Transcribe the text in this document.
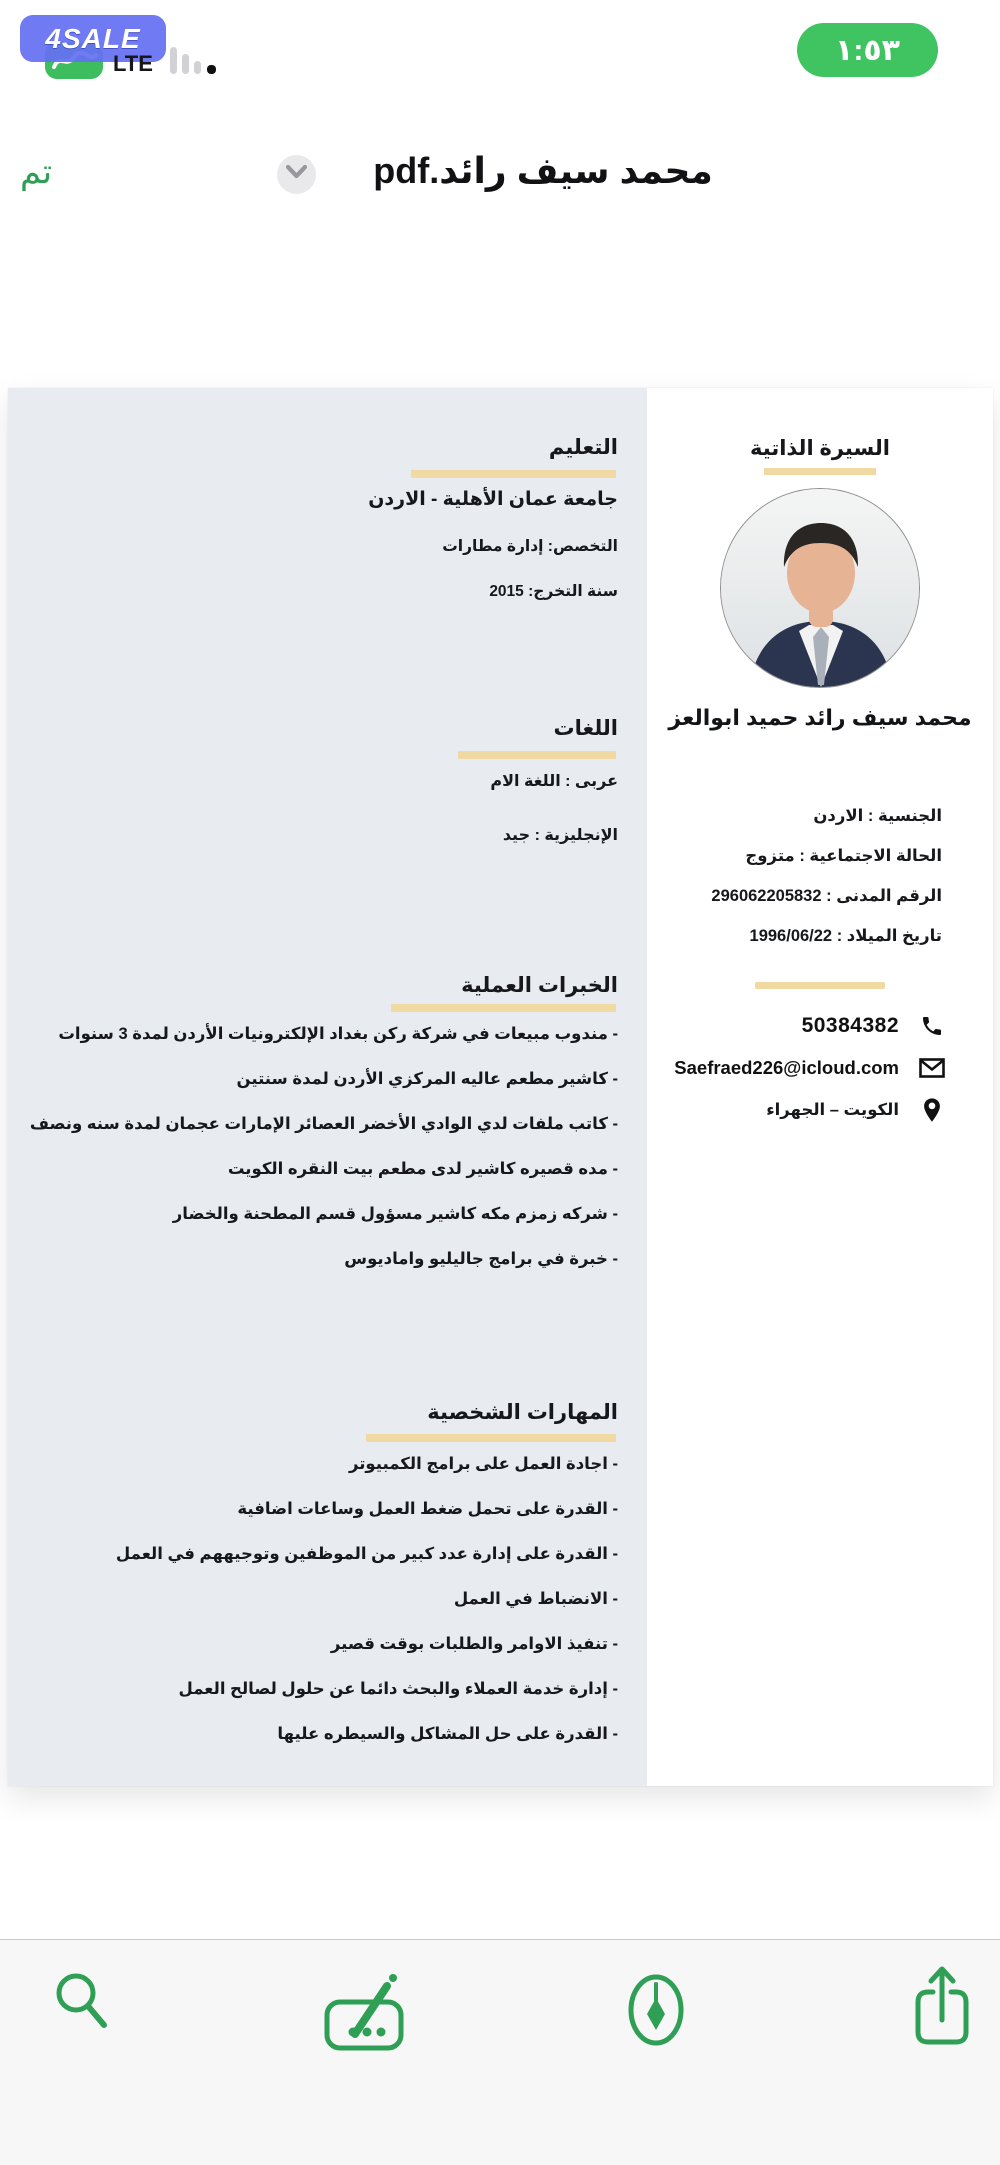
4SALE
LTE	١:٥٣
تم	محمد سيف رائد.pdf
التعليم
جامعة عمان الأهلية - الاردن
التخصص: إدارة مطارات
سنة التخرج: 2015
اللغات
عربى : اللغة الام
الإنجليزية : جيد
الخبرات العملية
- مندوب مبيعات في شركة ركن بغداد الإلكترونيات الأردن لمدة 3 سنوات
- كاشير مطعم عاليه المركزي الأردن لمدة سنتين
- كاتب ملفات لدي الوادي الأخضر العصائر الإمارات عجمان لمدة سنه ونصف
- مده قصيره كاشير لدى مطعم بيت النقره الكويت
- شركه زمزم مكه كاشير مسؤول قسم المطحنة والخضار
- خبرة في برامج جاليليو واماديوس
المهارات الشخصية
- اجادة العمل على برامج الكمبيوتر
- القدرة على تحمل ضغط العمل وساعات اضافية
- القدرة على إدارة عدد كبير من الموظفين وتوجيههم في العمل
- الانضباط في العمل
- تنفيذ الاوامر والطلبات بوقت قصير
- إدارة خدمة العملاء والبحث دائما عن حلول لصالح العمل
- القدرة على حل المشاكل والسيطره عليها
السيرة الذاتية
محمد سيف رائد حميد ابوالعز
الجنسية : الاردن
الحالة الاجتماعية : متزوج
الرقم المدنى : 296062205832
تاريخ الميلاد : 1996/06/22
50384382
Saefraed226@icloud.com
الكويت – الجهراء
